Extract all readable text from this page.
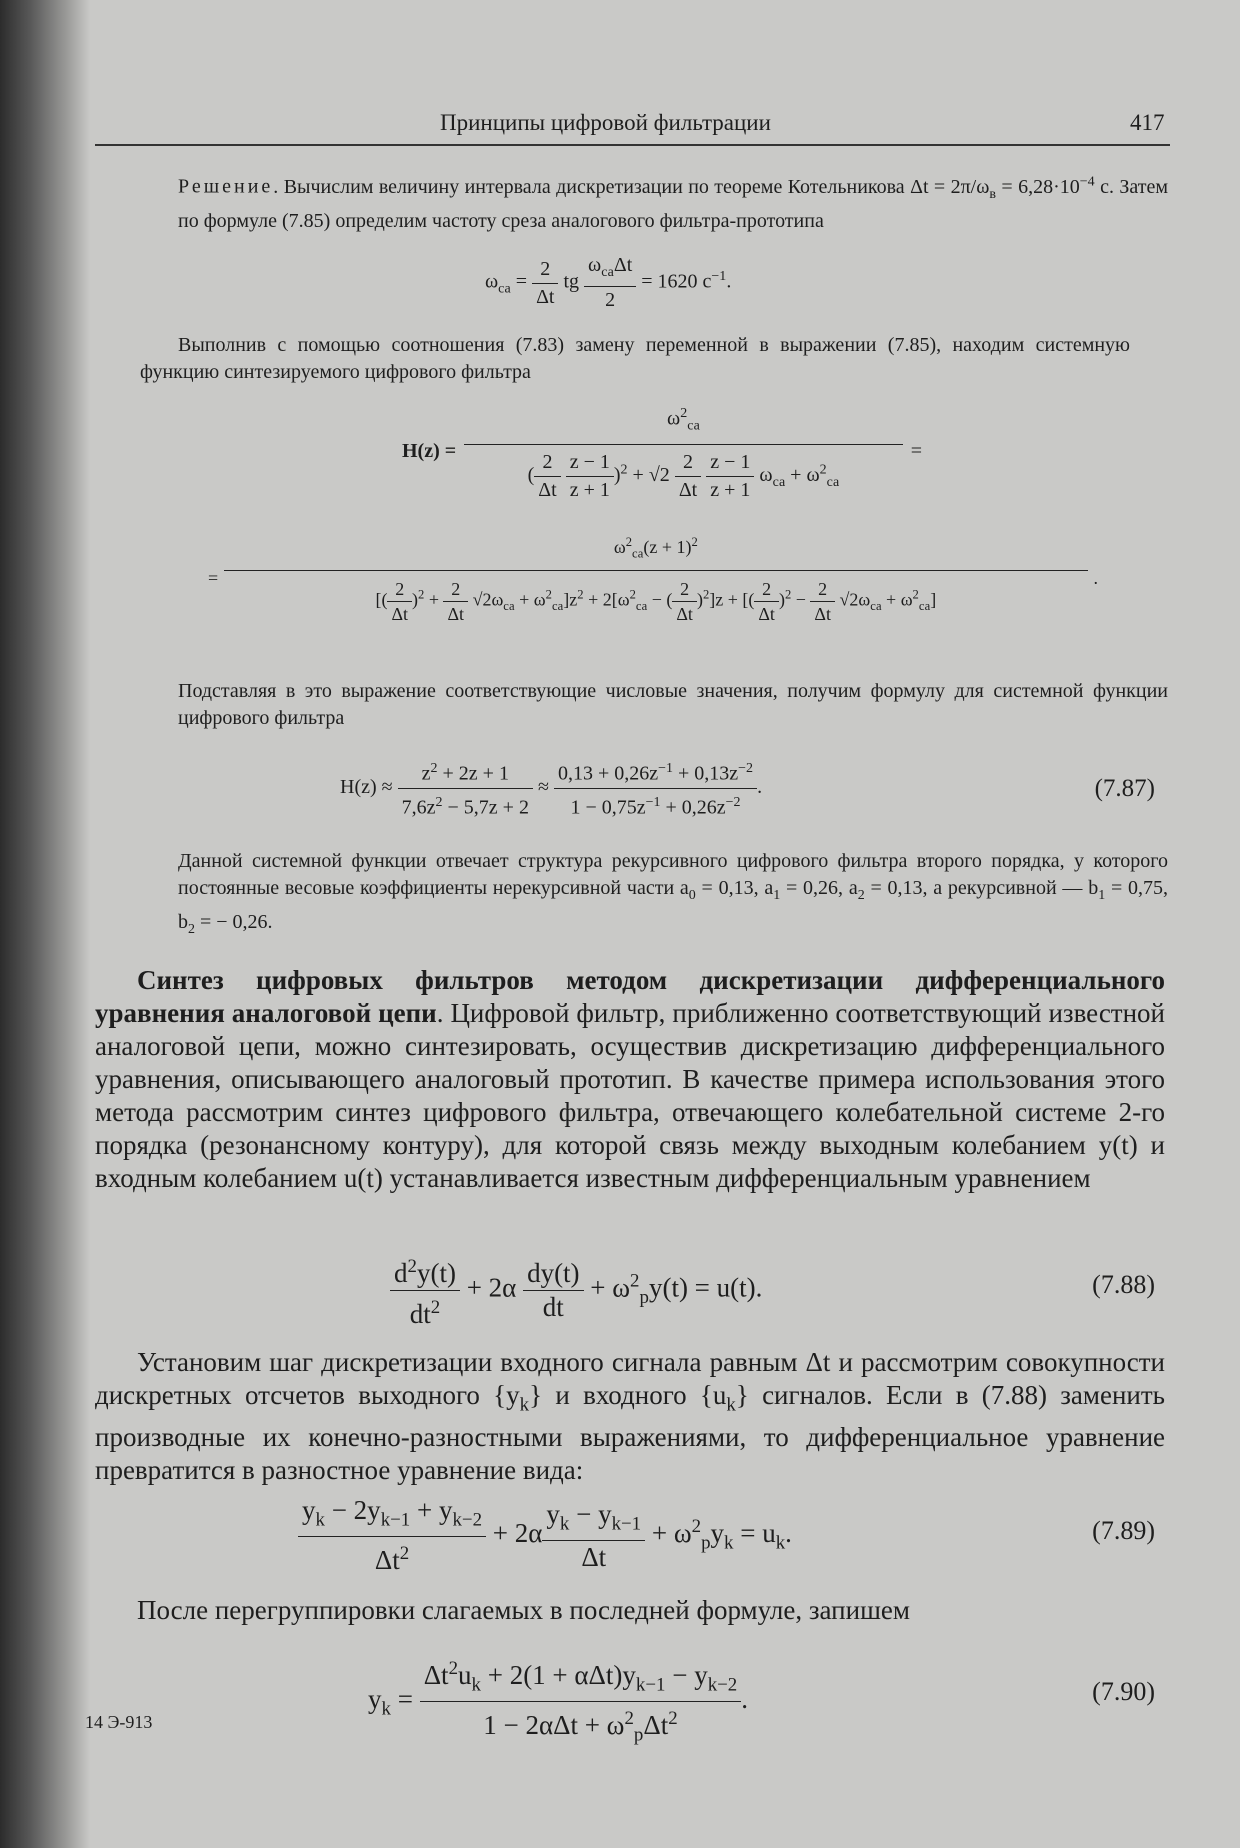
Принципы цифровой фильтрации	417
Решение. Вычислим величину интервала дискретизации по теореме Котельникова $\Delta t = 2\pi/\omega_в = 6,28\cdot 10^{-4}$ с. Затем по формуле (7.85) определим частоту среза аналогового фильтра-прототипа
$\omega_{са} = \frac{2}{\Delta t}$ tg $\frac{\omega_{са}\Delta t}{2} = 1620$ $с^{-1}$.
Выполнив с помощью соотношения (7.83) замену переменной в выражении (7.85), находим системную функцию синтезируемого цифрового фильтра
H(z) =
$\omega^2_{са}$
( $\frac{2}{\Delta t}$
$\frac{z - 1}{z + 1} )^2 + √2 \frac{2}{\Delta t}$
$\frac{z - 1}{z + 1} \omega_{са} + \omega^2_{са}$
=
=
$\omega^2_{са}(z + 1)^2$
[( $\frac{2}{\Delta t} )^2 + \frac{2}{\Delta t} √2\omega_{са} + \omega^2_{са}]z^2 + 2[\omega^2_{са}$ − ( $\frac{2}{\Delta t} )^2]z$ + [( $\frac{2}{\Delta t} )^2 - \frac{2}{\Delta t} √2\omega_{са} + \omega^2_{са}$]
.
Подставляя в это выражение соответствующие числовые значения, получим формулу для системной функции цифрового фильтра
$H(z) \approx \frac{z^2 + 2z + 1}{7,6z^2 - 5,7z + 2} \approx \frac{0,13 + 0,26z^{-1} + 0,13z^{-2}}{1 - 0,75z^{-1} + 0,26z^{-2}}$ .	(7.87)
Данной системной функции отвечает структура рекурсивного цифрового фильтра второго порядка, у которого постоянные весовые коэффициенты нерекурсивной части $a_0 = 0,13$, $a_1 = 0,26$, $a_2 = 0,13$, а рекурсивной — $b_1 = 0,75$, $b_2$ = − 0,26.
Синтез цифровых фильтров методом дискретизации дифференциального уравнения аналоговой цепи. Цифровой фильтр, приближенно соответствующий известной аналоговой цепи, можно синтезировать, осуществив дискретизацию дифференциального уравнения, описывающего аналоговый прототип. В качестве примера использования этого метода рассмотрим синтез цифрового фильтра, отвечающего колебательной системе 2-го порядка (резонансному контуру), для которой связь между выходным колебанием y(t) и входным колебанием u(t) устанавливается известным дифференциальным уравнением
$\frac{d^2y(t)}{dt^2} + 2\alpha \frac{dy(t)}{dt} + \omega^2_рy(t) = u(t)$.	(7.88)
Установим шаг дискретизации входного сигнала равным Δt и рассмотрим совокупности дискретных отсчетов выходного $\{y_k\}$ и входного $\{u_k\}$ сигналов. Если в (7.88) заменить производные их конечно-разностными выражениями, то дифференциальное уравнение превратится в разностное уравнение вида:
$\frac{y_k - 2y_{k-1} + y_{k-2}}{\Delta t^2} + 2\alpha \frac{y_k - y_{k-1}}{\Delta t} + \omega^2_рy_k = u_k$.	(7.89)
После перегруппировки слагаемых в последней формуле, запишем
$y_k = \frac{\Delta t^2u_k + 2(1 + \alpha\Delta t)y_{k-1} - y_{k-2}}{1 - 2\alpha\Delta t + \omega^2_р\Delta t^2}$ .	(7.90)
14 Э-913
